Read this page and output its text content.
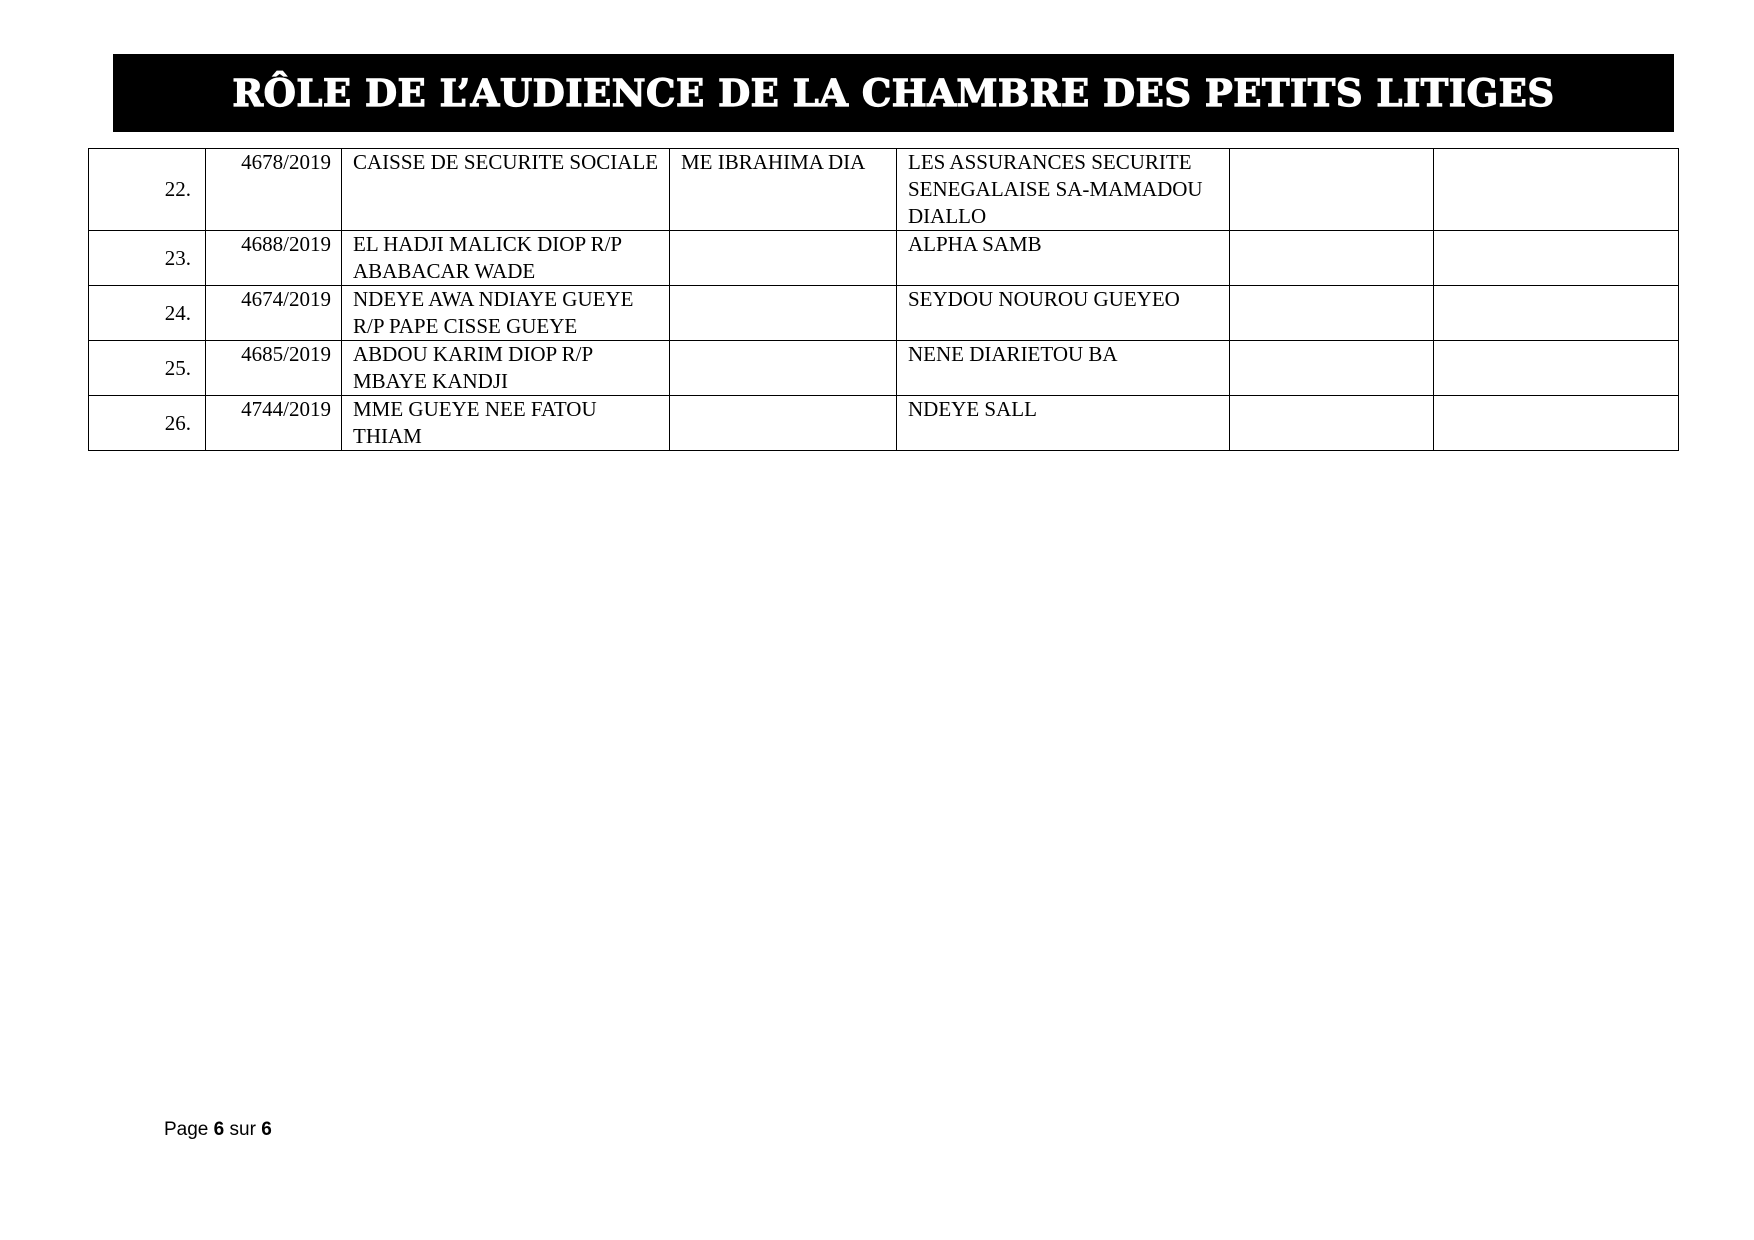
RÔLE DE L’AUDIENCE DE LA CHAMBRE DES PETITS LITIGES
22.	4678/2019	CAISSE DE SECURITE SOCIALE	ME IBRAHIMA DIA	LES ASSURANCES SECURITE
SENEGALAISE SA-MAMADOU
DIALLO		

23.	4688/2019	EL HADJI MALICK DIOP R/P
ABABACAR WADE		ALPHA SAMB		

24.	4674/2019	NDEYE AWA NDIAYE GUEYE
R/P PAPE CISSE GUEYE		SEYDOU NOUROU GUEYEO		

25.	4685/2019	ABDOU KARIM DIOP R/P
MBAYE KANDJI		NENE DIARIETOU BA		

26.	4744/2019	MME GUEYE NEE FATOU
THIAM		NDEYE SALL		

Page 6 sur 6
